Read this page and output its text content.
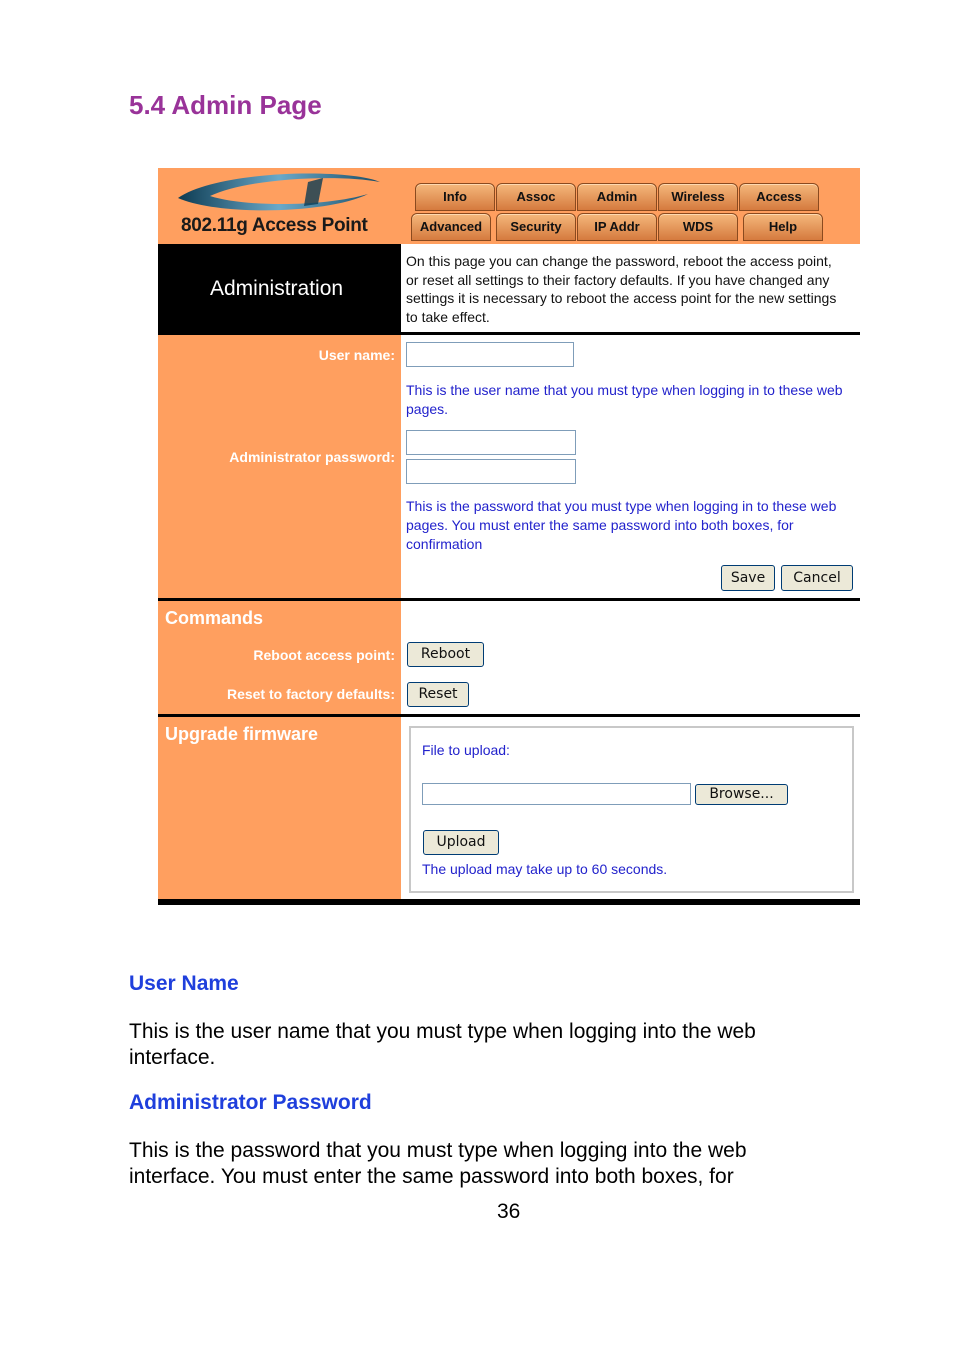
5.4 Admin Page
802.11g Access Point
Info	Assoc	Admin	Wireless	Access
Advanced	Security	IP Addr	WDS	Help
Administration
On this page you can change the password, reboot the access point, or reset all settings to their factory defaults. If you have changed any settings it is necessary to reboot the access point for the new settings to take effect.
User name:
This is the user name that you must type when logging in to these web pages.
Administrator password:
This is the password that you must type when logging in to these web pages. You must enter the same password into both boxes, for confirmation
Save	Cancel
Commands
Reboot access point:	Reboot
Reset to factory defaults:	Reset
Upgrade firmware
File to upload:
Browse...
Upload
The upload may take up to 60 seconds.
User Name
This is the user name that you must type when logging into the web interface.
Administrator Password
This is the password that you must type when logging into the web interface. You must enter the same password into both boxes, for
36
